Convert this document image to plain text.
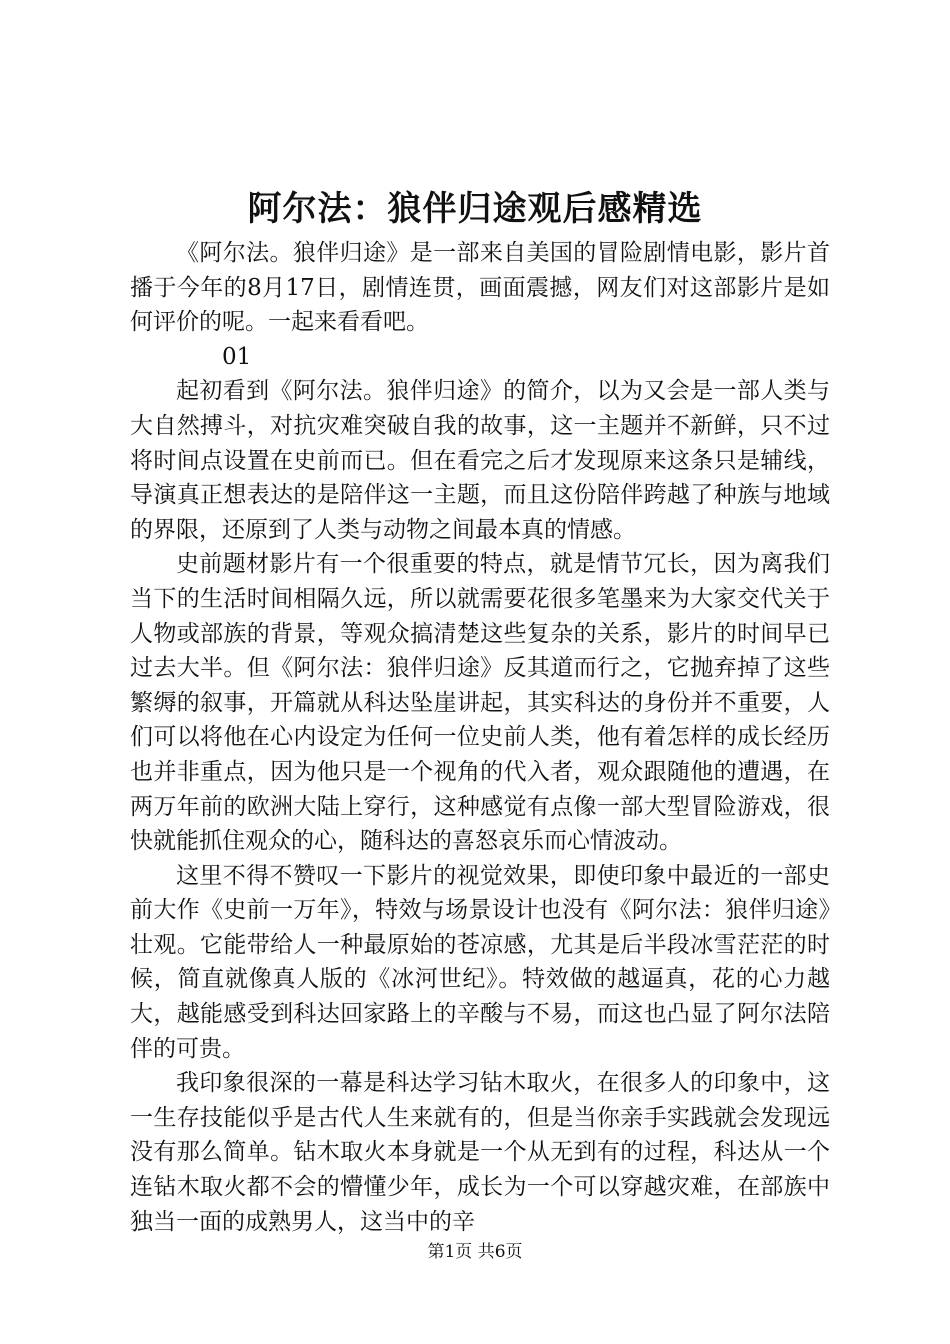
阿尔法：狼伴归途观后感精选

《阿尔法。狼伴归途》是一部来自美国的冒险剧情电影，影片首播于今年的8月17日，剧情连贯，画面震撼，网友们对这部影片是如何评价的呢。一起来看看吧。

01

起初看到《阿尔法。狼伴归途》的简介，以为又会是一部人类与大自然搏斗，对抗灾难突破自我的故事，这一主题并不新鲜，只不过将时间点设置在史前而已。但在看完之后才发现原来这条只是辅线，导演真正想表达的是陪伴这一主题，而且这份陪伴跨越了种族与地域的界限，还原到了人类与动物之间最本真的情感。

史前题材影片有一个很重要的特点，就是情节冗长，因为离我们当下的生活时间相隔久远，所以就需要花很多笔墨来为大家交代关于人物或部族的背景，等观众搞清楚这些复杂的关系，影片的时间早已过去大半。但《阿尔法：狼伴归途》反其道而行之，它抛弃掉了这些繁缛的叙事，开篇就从科达坠崖讲起，其实科达的身份并不重要，人们可以将他在心内设定为任何一位史前人类，他有着怎样的成长经历也并非重点，因为他只是一个视角的代入者，观众跟随他的遭遇，在两万年前的欧洲大陆上穿行，这种感觉有点像一部大型冒险游戏，很快就能抓住观众的心，随科达的喜怒哀乐而心情波动。

这里不得不赞叹一下影片的视觉效果，即使印象中最近的一部史前大作《史前一万年》，特效与场景设计也没有《阿尔法：狼伴归途》壮观。它能带给人一种最原始的苍凉感，尤其是后半段冰雪茫茫的时候，简直就像真人版的《冰河世纪》。特效做的越逼真，花的心力越大，越能感受到科达回家路上的辛酸与不易，而这也凸显了阿尔法陪伴的可贵。

我印象很深的一幕是科达学习钻木取火，在很多人的印象中，这一生存技能似乎是古代人生来就有的，但是当你亲手实践就会发现远没有那么简单。钻木取火本身就是一个从无到有的过程，科达从一个连钻木取火都不会的懵懂少年，成长为一个可以穿越灾难，在部族中独当一面的成熟男人，这当中的辛

第1页 共6页
